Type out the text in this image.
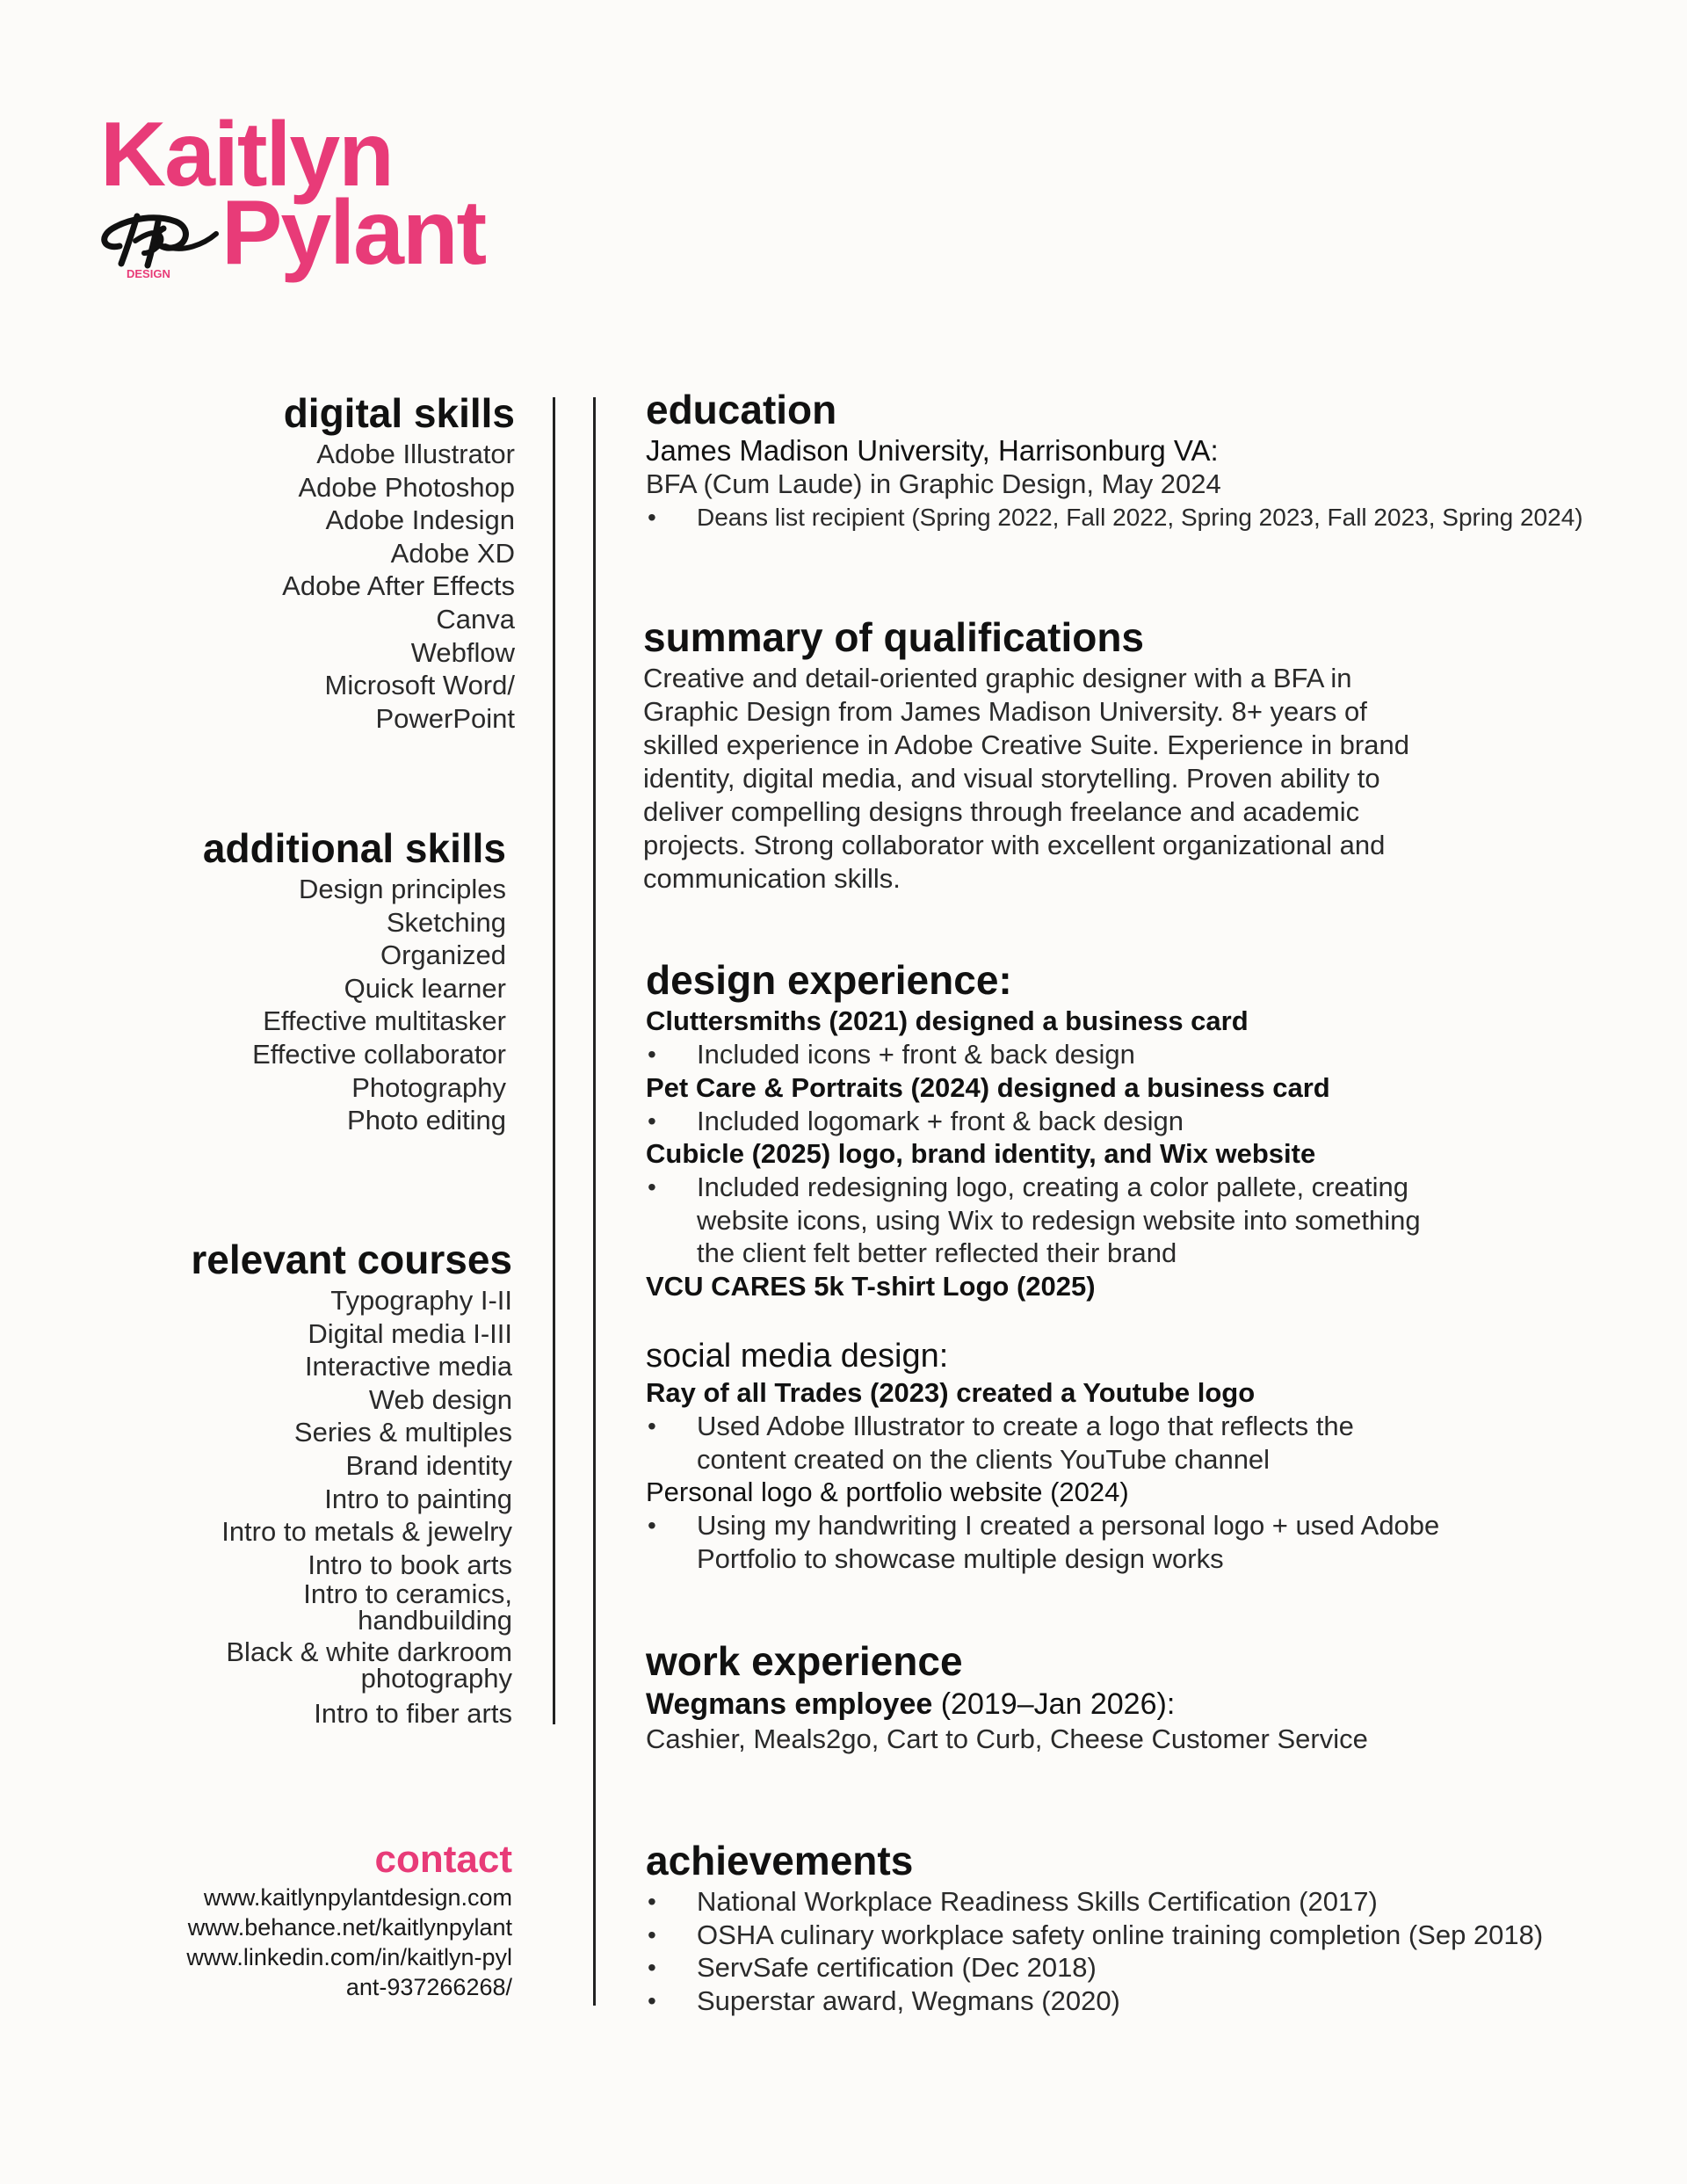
Kaitlyn
Pylant
DESIGN
digital skills
Adobe Illustrator
Adobe Photoshop
Adobe Indesign
Adobe XD
Adobe After Effects
Canva
Webflow
Microsoft Word/
PowerPoint
additional skills
Design principles
Sketching
Organized
Quick learner
Effective multitasker
Effective collaborator
Photography
Photo editing
relevant courses
Typography I-II
Digital media I-III
Interactive media
Web design
Series & multiples
Brand identity
Intro to painting
Intro to metals & jewelry
Intro to book arts
Intro to ceramics, handbuilding
Black & white darkroom photography
Intro to fiber arts
contact
www.kaitlynpylantdesign.com
www.behance.net/kaitlynpylant
www.linkedin.com/in/kaitlyn-pylant-937266268/
education
James Madison University, Harrisonburg VA:
BFA (Cum Laude) in Graphic Design, May 2024
• Deans list recipient (Spring 2022, Fall 2022, Spring 2023, Fall 2023, Spring 2024)
summary of qualifications
Creative and detail-oriented graphic designer with a BFA in Graphic Design from James Madison University. 8+ years of skilled experience in Adobe Creative Suite. Experience in brand identity, digital media, and visual storytelling. Proven ability to deliver compelling designs through freelance and academic projects. Strong collaborator with excellent organizational and communication skills.
design experience:
Cluttersmiths (2021) designed a business card
• Included icons + front & back design
Pet Care & Portraits (2024) designed a business card
• Included logomark + front & back design
Cubicle (2025) logo, brand identity, and Wix website
• Included redesigning logo, creating a color pallete, creating website icons, using Wix to redesign website into something the client felt better reflected their brand
VCU CARES 5k T-shirt Logo (2025)
social media design:
Ray of all Trades (2023) created a Youtube logo
• Used Adobe Illustrator to create a logo that reflects the content created on the clients YouTube channel
Personal logo & portfolio website (2024)
• Using my handwriting I created a personal logo + used Adobe Portfolio to showcase multiple design works
work experience
Wegmans employee (2019–Jan 2026):
Cashier, Meals2go, Cart to Curb, Cheese Customer Service
achievements
• National Workplace Readiness Skills Certification (2017)
• OSHA culinary workplace safety online training completion (Sep 2018)
• ServSafe certification (Dec 2018)
• Superstar award, Wegmans (2020)
